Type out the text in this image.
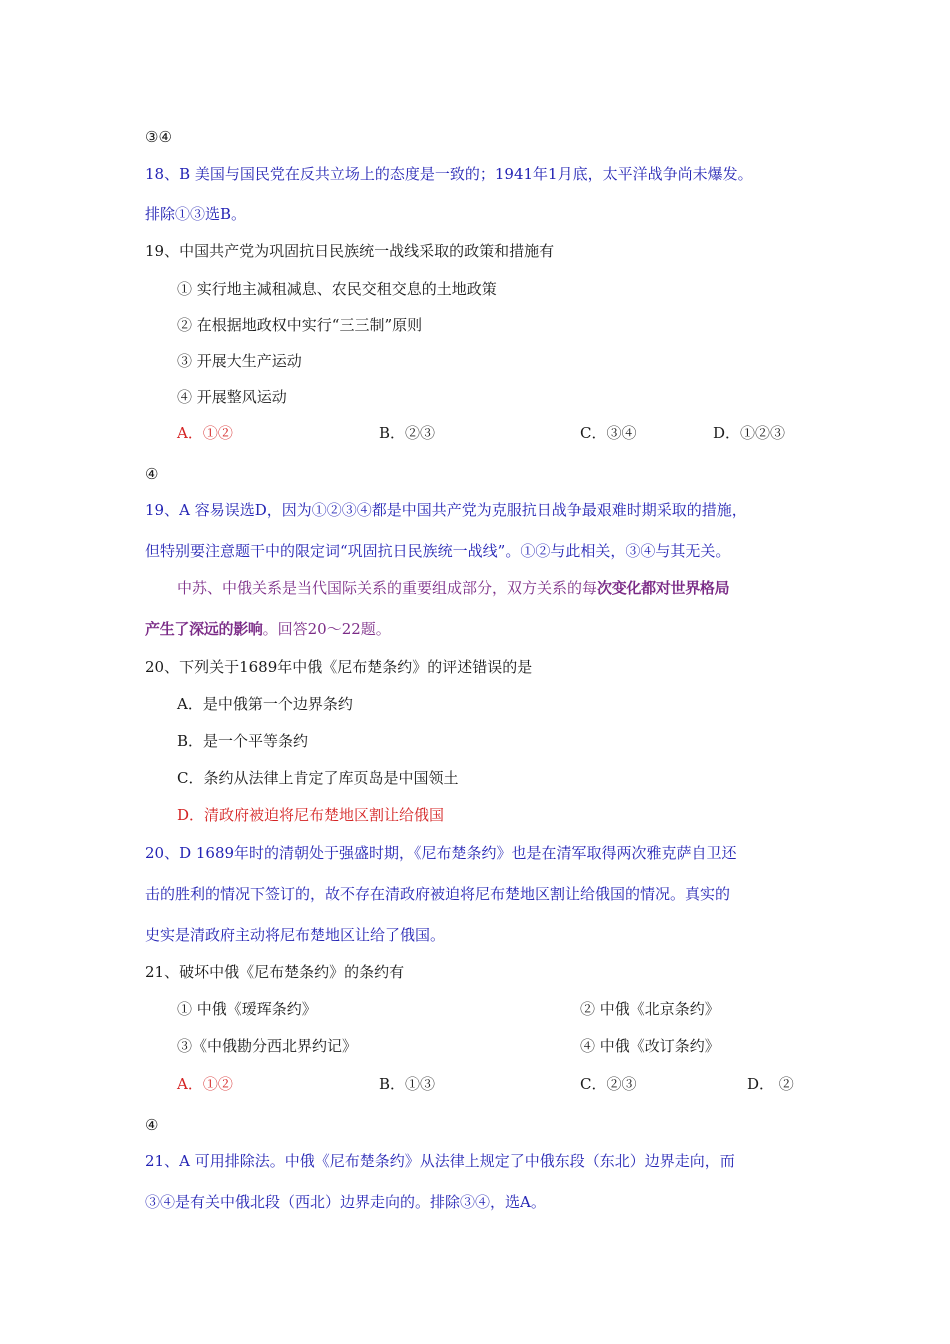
③④
18、B 美国与国民党在反共立场上的态度是一致的；1941年1月底，太平洋战争尚未爆发。
排除①③选B。
19、中国共产党为巩固抗日民族统一战线采取的政策和措施有
① 实行地主减租减息、农民交租交息的土地政策
② 在根据地政权中实行“三三制”原则
③ 开展大生产运动
④ 开展整风运动
A．①②	B．②③	C．③④	D．①②③
④
19、A 容易误选D，因为①②③④都是中国共产党为克服抗日战争最艰难时期采取的措施，
但特别要注意题干中的限定词“巩固抗日民族统一战线”。①②与此相关，③④与其无关。
中苏、中俄关系是当代国际关系的重要组成部分，双方关系的每次变化都对世界格局
产生了深远的影响。回答20～22题。
20、下列关于1689年中俄《尼布楚条约》的评述错误的是
A．是中俄第一个边界条约
B．是一个平等条约
C．条约从法律上肯定了库页岛是中国领土
D．清政府被迫将尼布楚地区割让给俄国
20、D 1689年时的清朝处于强盛时期，《尼布楚条约》也是在清军取得两次雅克萨自卫还
击的胜利的情况下签订的，故不存在清政府被迫将尼布楚地区割让给俄国的情况。真实的
史实是清政府主动将尼布楚地区让给了俄国。
21、破坏中俄《尼布楚条约》的条约有
① 中俄《瑷珲条约》	② 中俄《北京条约》
③《中俄勘分西北界约记》	④ 中俄《改订条约》
A．①②	B．①③	C．②③	D． ②
④
21、A 可用排除法。中俄《尼布楚条约》从法律上规定了中俄东段（东北）边界走向，而
③④是有关中俄北段（西北）边界走向的。排除③④，选A。
